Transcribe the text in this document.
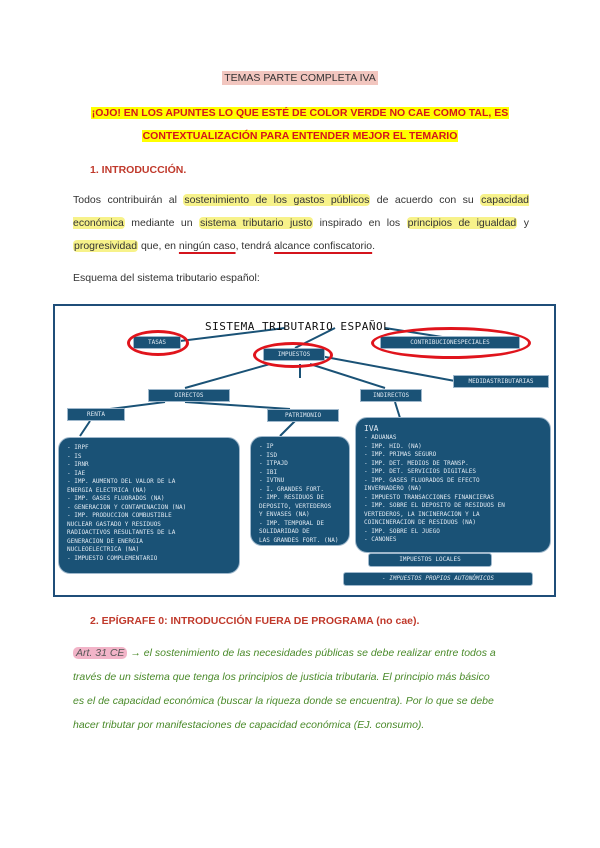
TEMAS PARTE COMPLETA IVA
¡OJO! EN LOS APUNTES LO QUE ESTÉ DE COLOR VERDE NO CAE COMO TAL, ES
CONTEXTUALIZACIÓN PARA ENTENDER MEJOR EL TEMARIO
1. INTRODUCCIÓN.
Todos contribuirán al sostenimiento de los gastos públicos de acuerdo con su capacidad económica mediante un sistema tributario justo inspirado en los principios de igualdad y progresividad que, en ningún caso, tendrá alcance confiscatorio.
Esquema del sistema tributario español:
SISTEMA TRIBUTARIO ESPAÑOL
TASAS	CONTRIBUCIONESPECIALES
IMPUESTOS
MEDIDASTRIBUTARIAS
DIRECTOS	INDIRECTOS
RENTA	PATRIMONIO
- IRPF
- IS
- IRNR
- IAE
- IMP. AUMENTO DEL VALOR DE LA
ENERGÍA ELÉCTRICA (NA)
- IMP. GASES FLUORADOS (NA)
- GENERACIÓN Y CONTAMINACIÓN (NA)
- IMP. PRODUCCIÓN COMBUSTIBLE
NUCLEAR GASTADO Y RESIDUOS
RADIOACTIVOS RESULTANTES DE LA
GENERACIÓN DE ENERGÍA
NUCLEOELÉCTRICA (NA)
- IMPUESTO COMPLEMENTARIO
- IP
- ISD
- ITPAJD
- IBI
- IVTNU
- I. GRANDES FORT.
- IMP. RESIDUOS DE
DEPÓSITO, VERTEDEROS
Y ENVASES (NA)
- IMP. TEMPORAL DE
SOLIDARIDAD DE
LAS GRANDES FORT. (NA)
IVA
- ADUANAS
- IMP. HID. (NA)
- IMP. PRIMAS SEGURO
- IMP. DET. MEDIOS DE TRANSP.
- IMP. DET. SERVICIOS DIGITALES
- IMP. GASES FLUORADOS DE EFECTO
INVERNADERO (NA)
- IMPUESTO TRANSACCIONES FINANCIERAS
- IMP. SOBRE EL DEPÓSITO DE RESIDUOS EN
VERTEDEROS, LA INCINERACIÓN Y LA
COINCINERACIÓN DE RESIDUOS (NA)
- IMP. SOBRE EL JUEGO
- CÁNONES
IMPUESTOS LOCALES
- IMPUESTOS PROPIOS AUTONÓMICOS
2. EPÍGRAFE 0: INTRODUCCIÓN FUERA DE PROGRAMA (no cae).
Art. 31 CE → el sostenimiento de las necesidades públicas se debe realizar entre todos a
través de un sistema que tenga los principios de justicia tributaria. El principio más básico
es el de capacidad económica (buscar la riqueza donde se encuentra). Por lo que se debe
hacer tributar por manifestaciones de capacidad económica (EJ. consumo).
